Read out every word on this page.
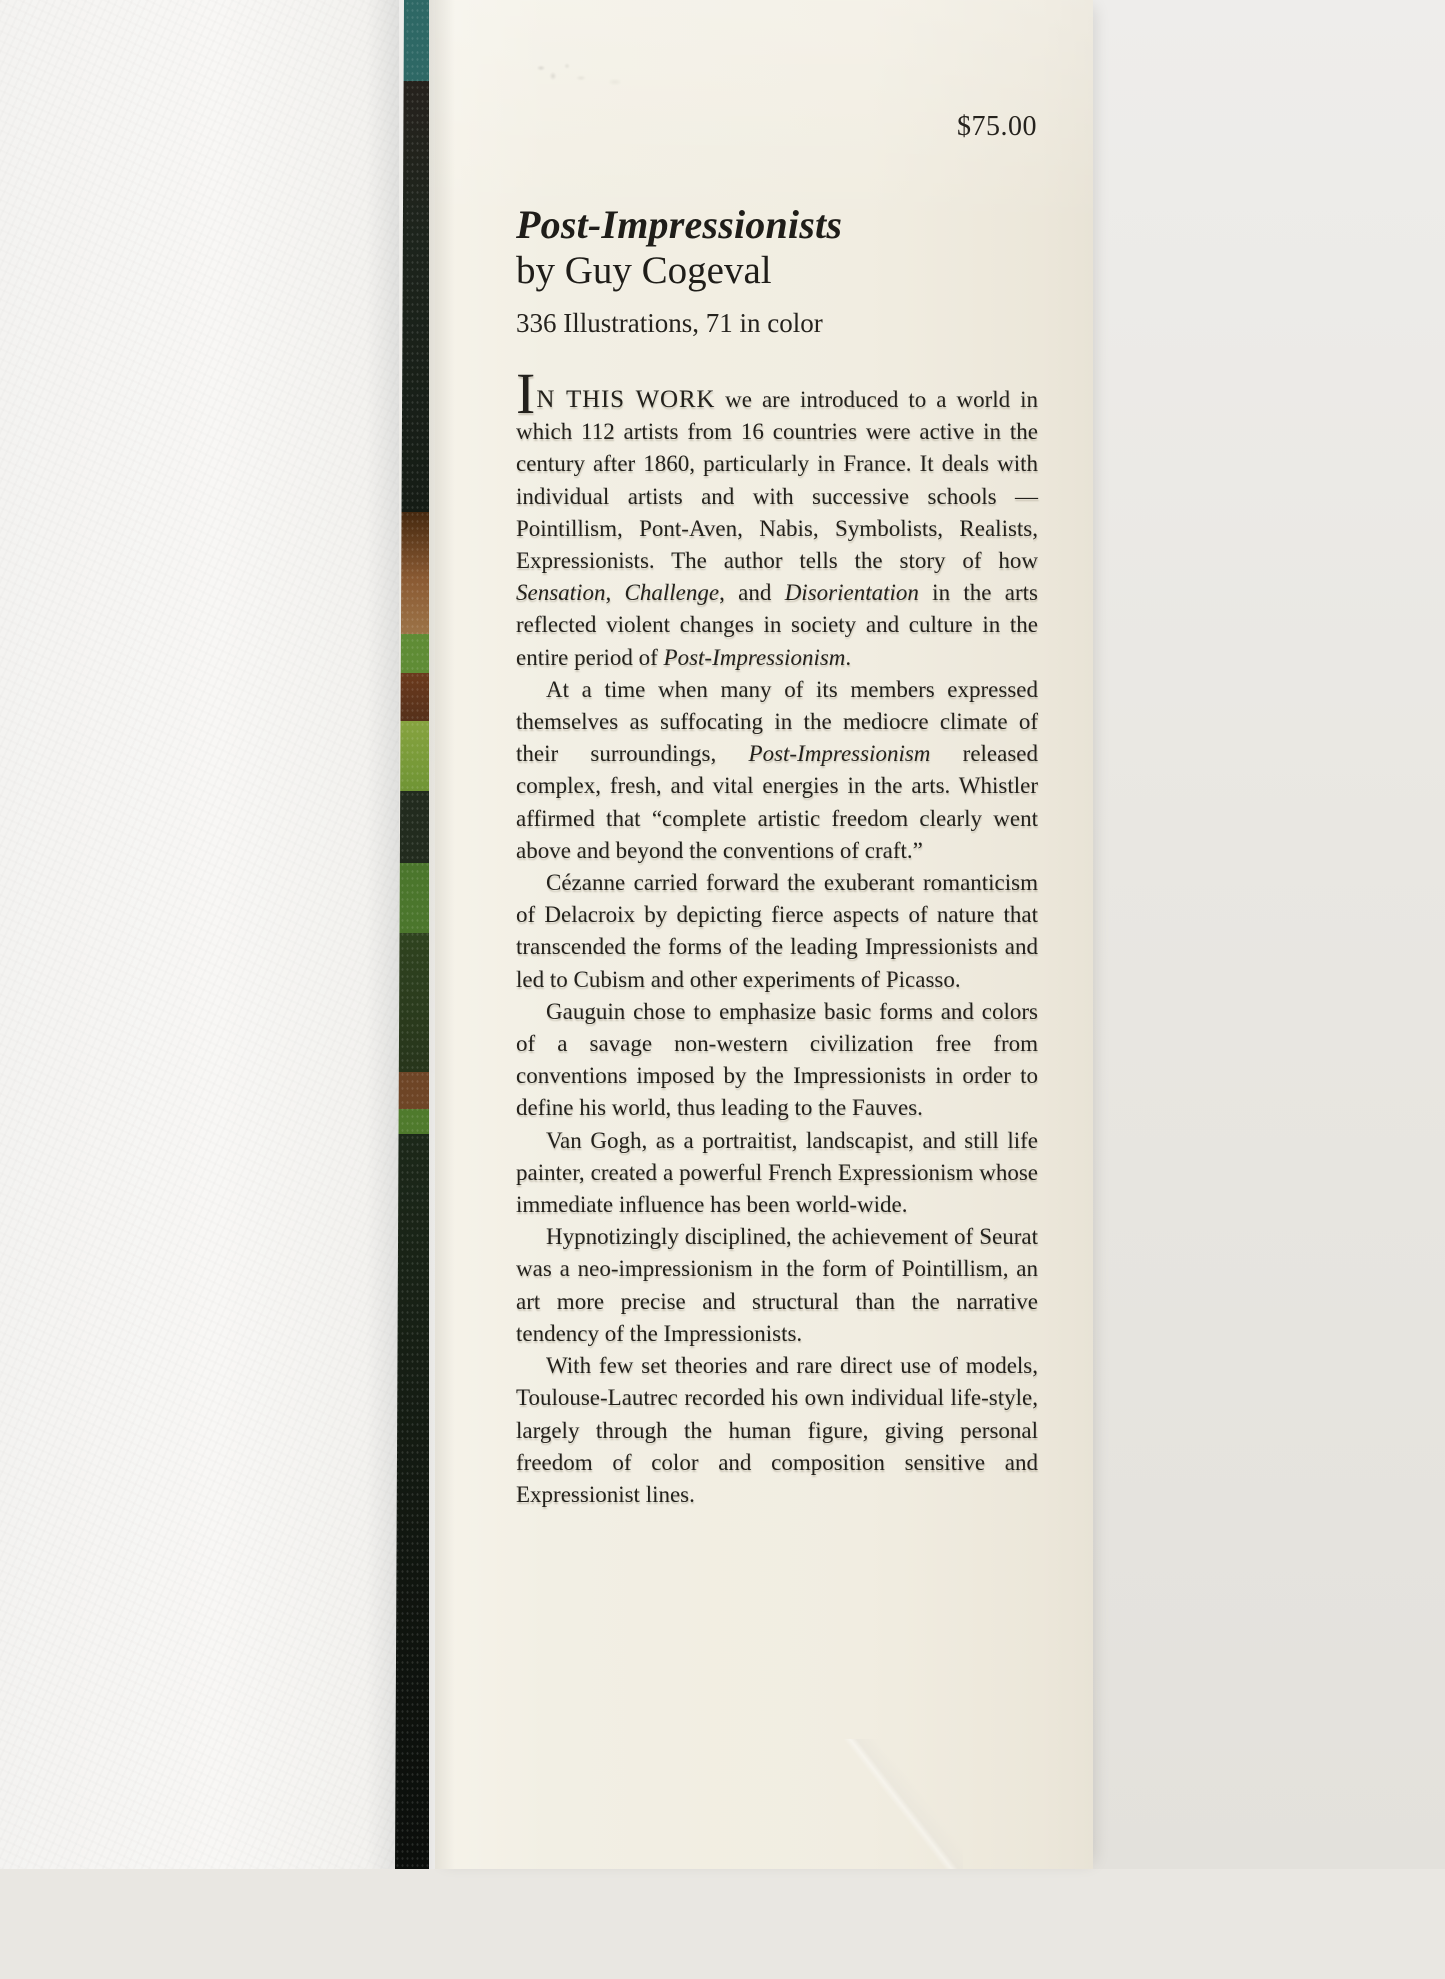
$75.00
Post-Impressionists
by Guy Cogeval
336 Illustrations, 71 in color

IN THIS WORK we are introduced to a world in which 112 artists from 16 countries were active in the century after 1860, particularly in France. It deals with individual artists and with successive schools — Pointillism, Pont-Aven, Nabis, Symbolists, Realists, Expressionists. The author tells the story of how Sensation, Challenge, and Disorientation in the arts reflected violent changes in society and culture in the entire period of Post-Impressionism.

At a time when many of its members expressed themselves as suffocating in the mediocre climate of their surroundings, Post-Impressionism released complex, fresh, and vital energies in the arts. Whistler affirmed that “complete artistic freedom clearly went above and beyond the conventions of craft.”

Cézanne carried forward the exuberant romanticism of Delacroix by depicting fierce aspects of nature that transcended the forms of the leading Impressionists and led to Cubism and other experiments of Picasso.

Gauguin chose to emphasize basic forms and colors of a savage non-western civilization free from conventions imposed by the Impressionists in order to define his world, thus leading to the Fauves.

Van Gogh, as a portraitist, landscapist, and still life painter, created a powerful French Expressionism whose immediate influence has been world-wide.

Hypnotizingly disciplined, the achievement of Seurat was a neo-impressionism in the form of Pointillism, an art more precise and structural than the narrative tendency of the Impressionists.

With few set theories and rare direct use of models, Toulouse-Lautrec recorded his own individual life-style, largely through the human figure, giving personal freedom of color and composition sensitive and Expressionist lines.
